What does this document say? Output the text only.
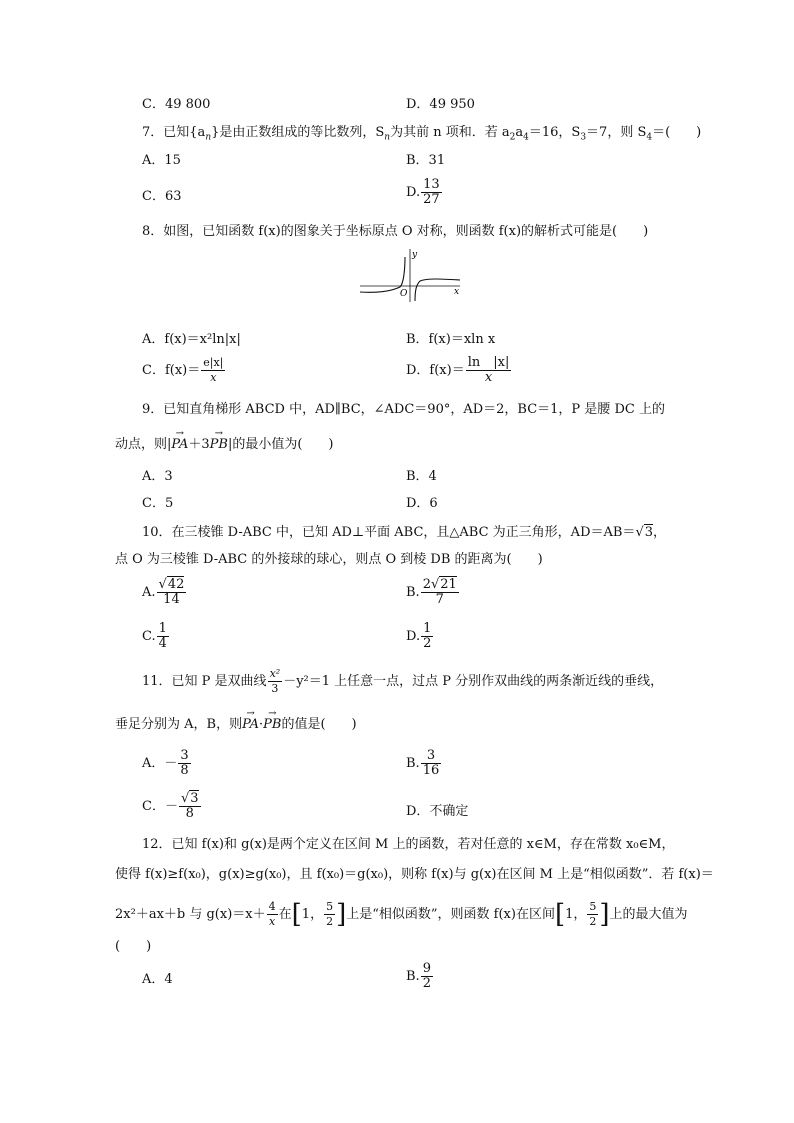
C．49 800	D．49 950
7．已知$\{a_n\}$是由正数组成的等比数列，$S_n$为其前 n 项和．若 $a_2a_4=16$，$S_3=7$，则 $S_4=$(　　)
A．15	B．31
C．63	D. $\frac{13}{27}$
8．如图，已知函数 f(x)的图象关于坐标原点 O 对称，则函数 f(x)的解析式可能是(　　)
y
O	x
A．f(x)＝x²ln|x|	B．f(x)＝xln x
C．$f(x)= \frac{e|x|}{x}$	D．$f(x)= \frac{\ln |x|}{x}$
9．已知直角梯形 ABCD 中，AD∥BC，∠ADC＝90°，AD＝2，BC＝1，P 是腰 DC 上的
动点，则|→ PA＋3→ PB|的最小值为(　　)
A．3	B．4
C．5	D．6
10．在三棱锥 D-ABC 中，已知 AD⊥平面 ABC，且△ABC 为正三角形，AD＝AB＝√3，
点 O 为三棱锥 D-ABC 的外接球的球心，则点 O 到棱 DB 的距离为(　　)
A. $\frac{√42}{14}$	B. $\frac{2√21}{7}$
C. $\frac{1}{4}$	D. $\frac{1}{2}$
11．已知 P 是双曲线 $\frac{\text{x²}}{3} -y^2=1$ 上任意一点，过点 P 分别作双曲线的两条渐近线的垂线，
垂足分别为 A，B，则→ PA·→ PB的值是(　　)
A．－ $\frac{3}{8}$	B. $\frac{3}{16}$
C．－ $\frac{√3}{8}$	D．不确定
12．已知 f(x)和 g(x)是两个定义在区间 M 上的函数，若对任意的 x∈M，存在常数 x₀∈M，
使得 f(x)≥f(x₀)，g(x)≥g(x₀)，且 f(x₀)＝g(x₀)，则称 f(x)与 g(x)在区间 M 上是“相似函数”．若 f(x)＝
2x²＋ax＋b 与 $g(x)=x+ \frac{4}{x}$ 在[1， $\frac{5}{2}$ ]上是“相似函数”，则函数 f(x)在区间[1， $\frac{5}{2}$ ]上的最大值为
(　　)
A．4	B. $\frac{9}{2}$
